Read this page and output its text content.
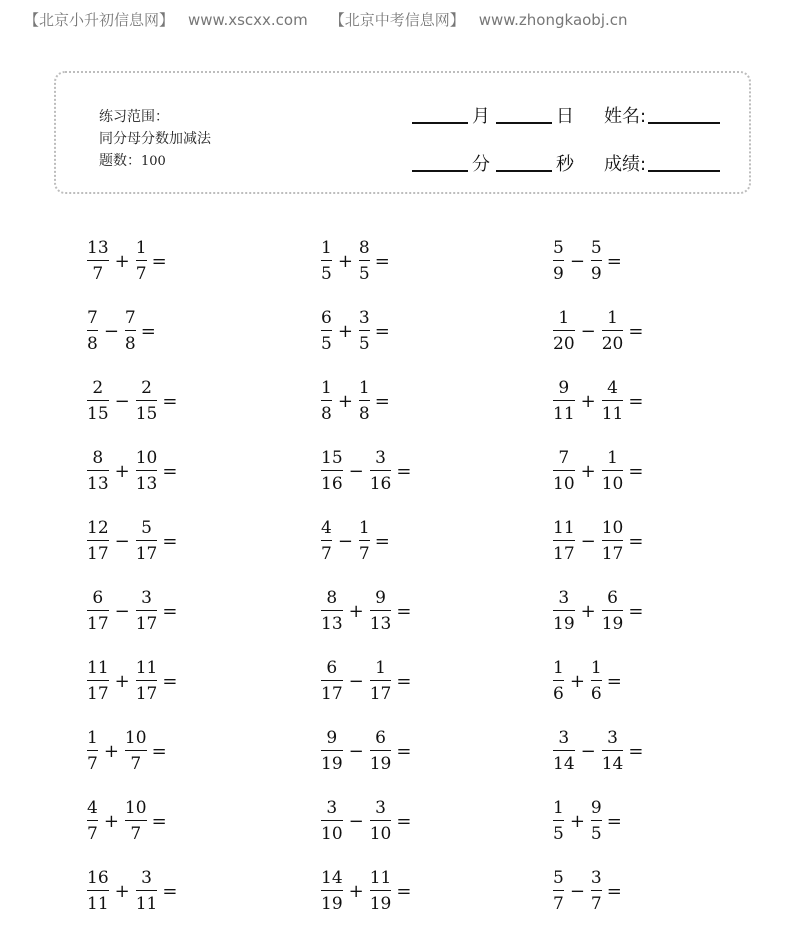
【北京小升初信息网】 www.xscxx.com 【北京中考信息网】 www.zhongkaobj.cn
练习范围：
同分母分数加减法
题数：100
月	日 姓名:
分	秒 成绩:
$\frac{13}{7} + \frac{1}{7}$ =	$\frac{1}{5} + \frac{8}{5}$ =	$\frac{5}{9} - \frac{5}{9}$ =
$\frac{7}{8} - \frac{7}{8}$ =	$\frac{6}{5} + \frac{3}{5}$ =	$\frac{1}{20} - \frac{1}{20}$ =
$\frac{2}{15} - \frac{2}{15}$ =	$\frac{1}{8} + \frac{1}{8}$ =	$\frac{9}{11} + \frac{4}{11}$ =
$\frac{8}{13} + \frac{10}{13}$ =	$\frac{15}{16} - \frac{3}{16}$ =	$\frac{7}{10} + \frac{1}{10}$ =
$\frac{12}{17} - \frac{5}{17}$ =	$\frac{4}{7} - \frac{1}{7}$ =	$\frac{11}{17} - \frac{10}{17}$ =
$\frac{6}{17} - \frac{3}{17}$ =	$\frac{8}{13} + \frac{9}{13}$ =	$\frac{3}{19} + \frac{6}{19}$ =
$\frac{11}{17} + \frac{11}{17}$ =	$\frac{6}{17} - \frac{1}{17}$ =	$\frac{1}{6} + \frac{1}{6}$ =
$\frac{1}{7} + \frac{10}{7}$ =	$\frac{9}{19} - \frac{6}{19}$ =	$\frac{3}{14} - \frac{3}{14}$ =
$\frac{4}{7} + \frac{10}{7}$ =	$\frac{3}{10} - \frac{3}{10}$ =	$\frac{1}{5} + \frac{9}{5}$ =
$\frac{16}{11} + \frac{3}{11}$ =	$\frac{14}{19} + \frac{11}{19}$ =	$\frac{5}{7} - \frac{3}{7}$ =
